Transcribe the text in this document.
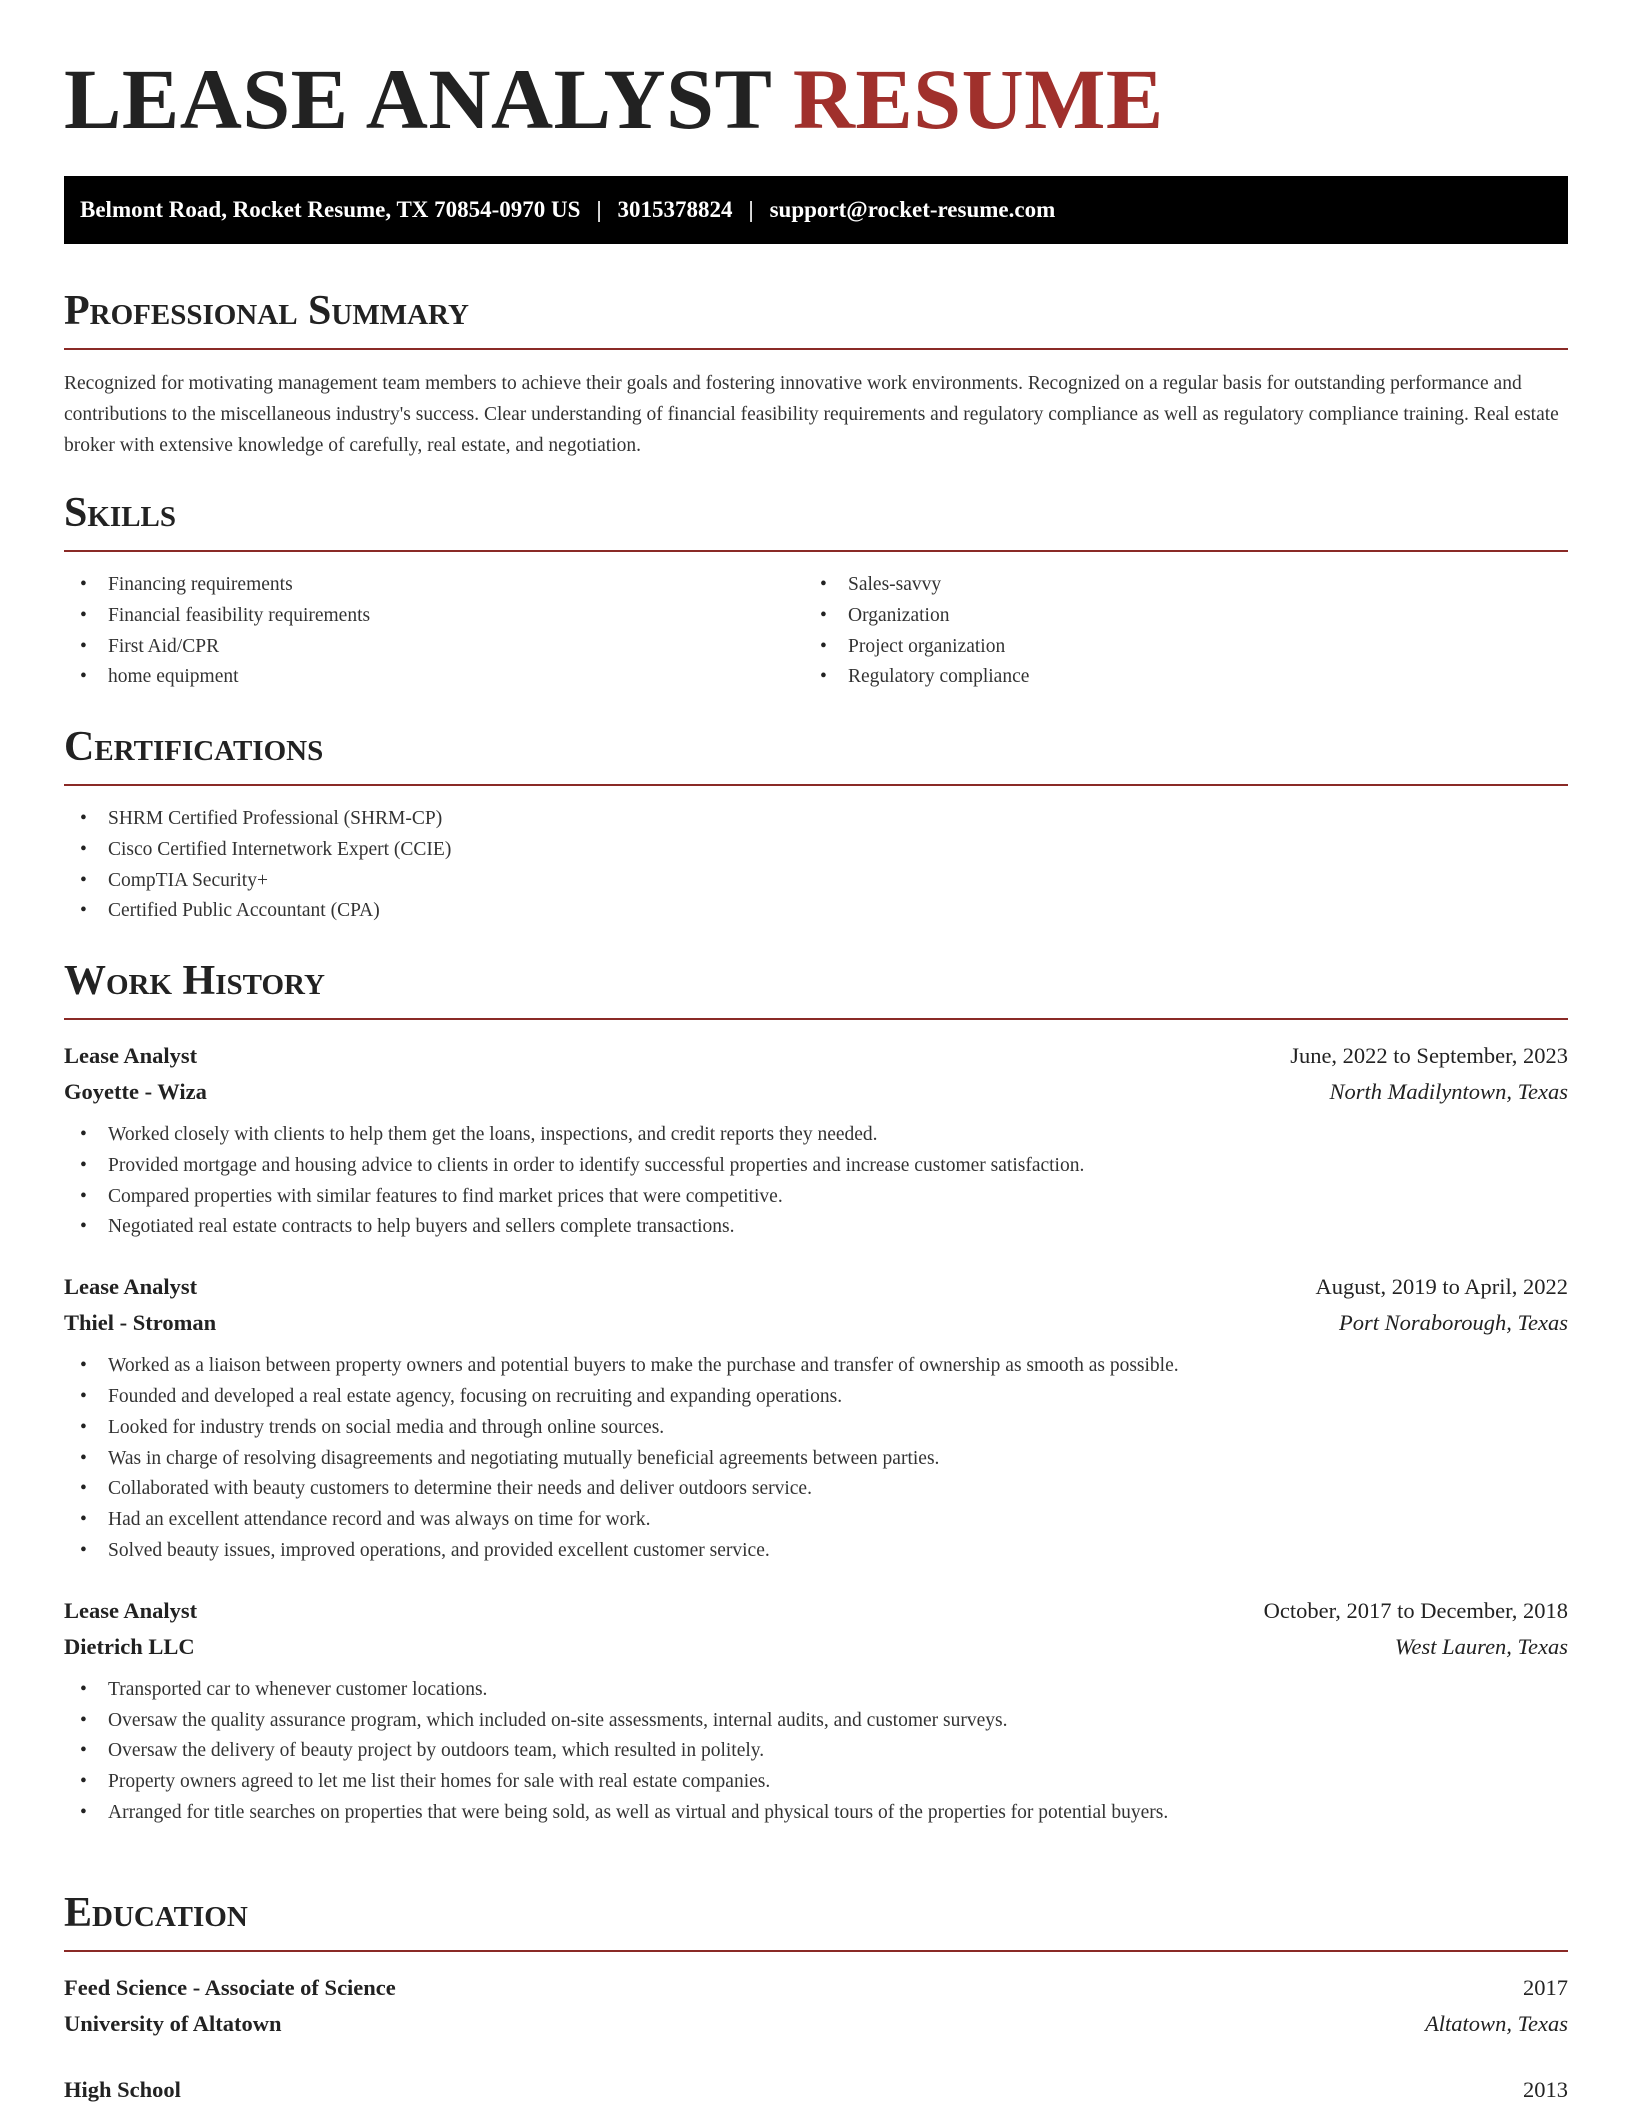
LEASE ANALYST RESUME
Belmont Road, Rocket Resume, TX 70854-0970 US | 3015378824 | support@rocket-resume.com
Professional Summary

Recognized for motivating management team members to achieve their goals and fostering innovative work environments. Recognized on a regular basis for outstanding performance and contributions to the miscellaneous industry's success. Clear understanding of financial feasibility requirements and regulatory compliance as well as regulatory compliance training. Real estate broker with extensive knowledge of carefully, real estate, and negotiation.

Skills
• Financing requirements
• Financial feasibility requirements
• First Aid/CPR
• home equipment
• Sales-savvy
• Organization
• Project organization
• Regulatory compliance
Certifications
• SHRM Certified Professional (SHRM-CP)
• Cisco Certified Internetwork Expert (CCIE)
• CompTIA Security+
• Certified Public Accountant (CPA)
Work History
Lease Analyst	June, 2022 to September, 2023
Goyette - Wiza	North Madilyntown, Texas
• Worked closely with clients to help them get the loans, inspections, and credit reports they needed.
• Provided mortgage and housing advice to clients in order to identify successful properties and increase customer satisfaction.
• Compared properties with similar features to find market prices that were competitive.
• Negotiated real estate contracts to help buyers and sellers complete transactions.
Lease Analyst	August, 2019 to April, 2022
Thiel - Stroman	Port Noraborough, Texas
• Worked as a liaison between property owners and potential buyers to make the purchase and transfer of ownership as smooth as possible.
• Founded and developed a real estate agency, focusing on recruiting and expanding operations.
• Looked for industry trends on social media and through online sources.
• Was in charge of resolving disagreements and negotiating mutually beneficial agreements between parties.
• Collaborated with beauty customers to determine their needs and deliver outdoors service.
• Had an excellent attendance record and was always on time for work.
• Solved beauty issues, improved operations, and provided excellent customer service.
Lease Analyst	October, 2017 to December, 2018
Dietrich LLC	West Lauren, Texas
• Transported car to whenever customer locations.
• Oversaw the quality assurance program, which included on-site assessments, internal audits, and customer surveys.
• Oversaw the delivery of beauty project by outdoors team, which resulted in politely.
• Property owners agreed to let me list their homes for sale with real estate companies.
• Arranged for title searches on properties that were being sold, as well as virtual and physical tours of the properties for potential buyers.
Education
Feed Science - Associate of Science	2017
University of Altatown	Altatown, Texas
High School	2013
